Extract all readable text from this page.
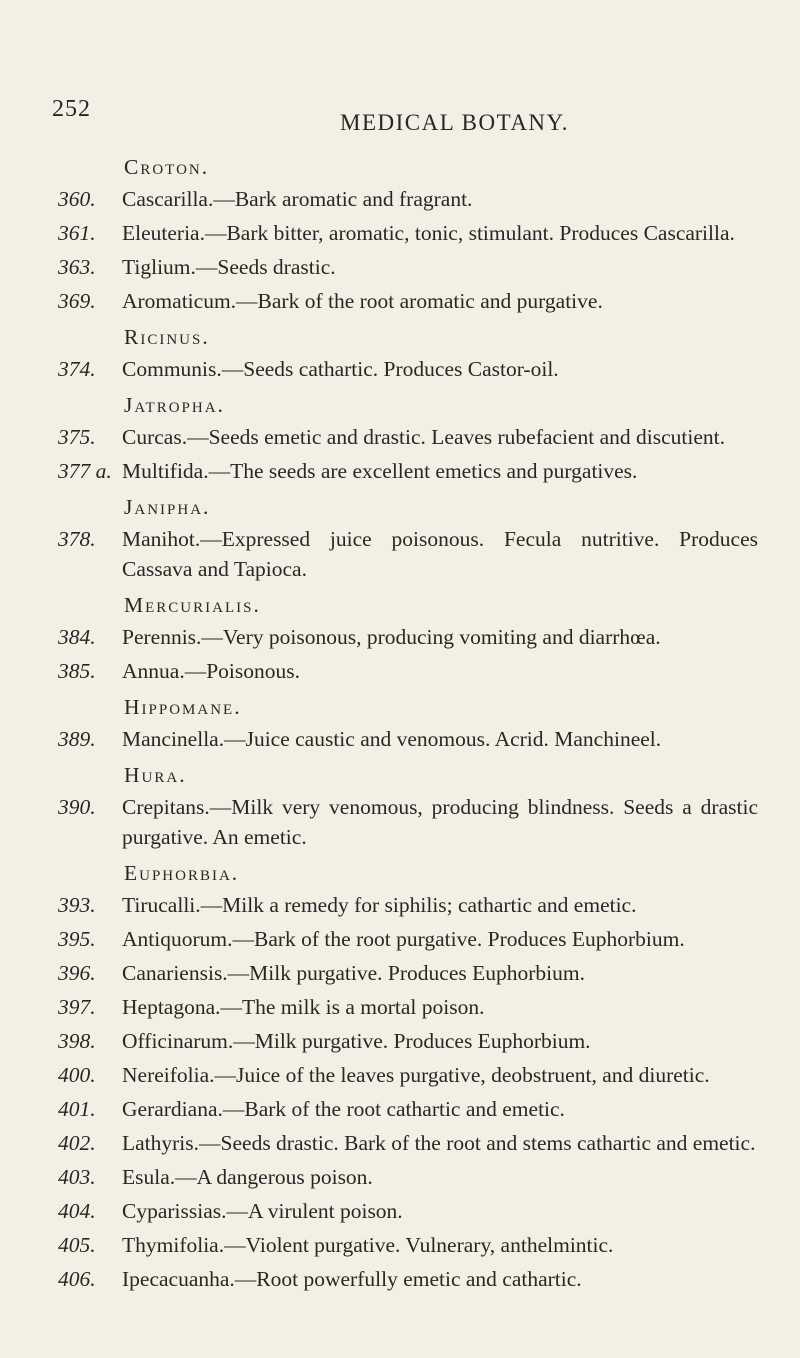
252
MEDICAL BOTANY.
Croton.
360.	Cascarilla.—Bark aromatic and fragrant.
361.	Eleuteria.—Bark bitter, aromatic, tonic, stimulant. Produces Cascarilla.
363.	Tiglium.—Seeds drastic.
369.	Aromaticum.—Bark of the root aromatic and purgative.
Ricinus.
374.	Communis.—Seeds cathartic. Produces Castor-oil.
Jatropha.
375.	Curcas.—Seeds emetic and drastic. Leaves rubefacient and discutient.
377 a. Multifida.—The seeds are excellent emetics and purgatives.
Janipha.
378.	Manihot.—Expressed juice poisonous. Fecula nutritive. Produces Cassava and Tapioca.
Mercurialis.
384.	Perennis.—Very poisonous, producing vomiting and diarrhœa.
385.	Annua.—Poisonous.
Hippomane.
389.	Mancinella.—Juice caustic and venomous. Acrid. Manchineel.
Hura.
390.	Crepitans.—Milk very venomous, producing blindness. Seeds a drastic purgative. An emetic.
Euphorbia.
393.	Tirucalli.—Milk a remedy for siphilis; cathartic and emetic.
395.	Antiquorum.—Bark of the root purgative. Produces Euphorbium.
396.	Canariensis.—Milk purgative. Produces Euphorbium.
397.	Heptagona.—The milk is a mortal poison.
398.	Officinarum.—Milk purgative. Produces Euphorbium.
400.	Nereifolia.—Juice of the leaves purgative, deobstruent, and diuretic.
401.	Gerardiana.—Bark of the root cathartic and emetic.
402.	Lathyris.—Seeds drastic. Bark of the root and stems cathartic and emetic.
403.	Esula.—A dangerous poison.
404.	Cyparissias.—A virulent poison.
405.	Thymifolia.—Violent purgative. Vulnerary, anthelmintic.
406.	Ipecacuanha.—Root powerfully emetic and cathartic.
